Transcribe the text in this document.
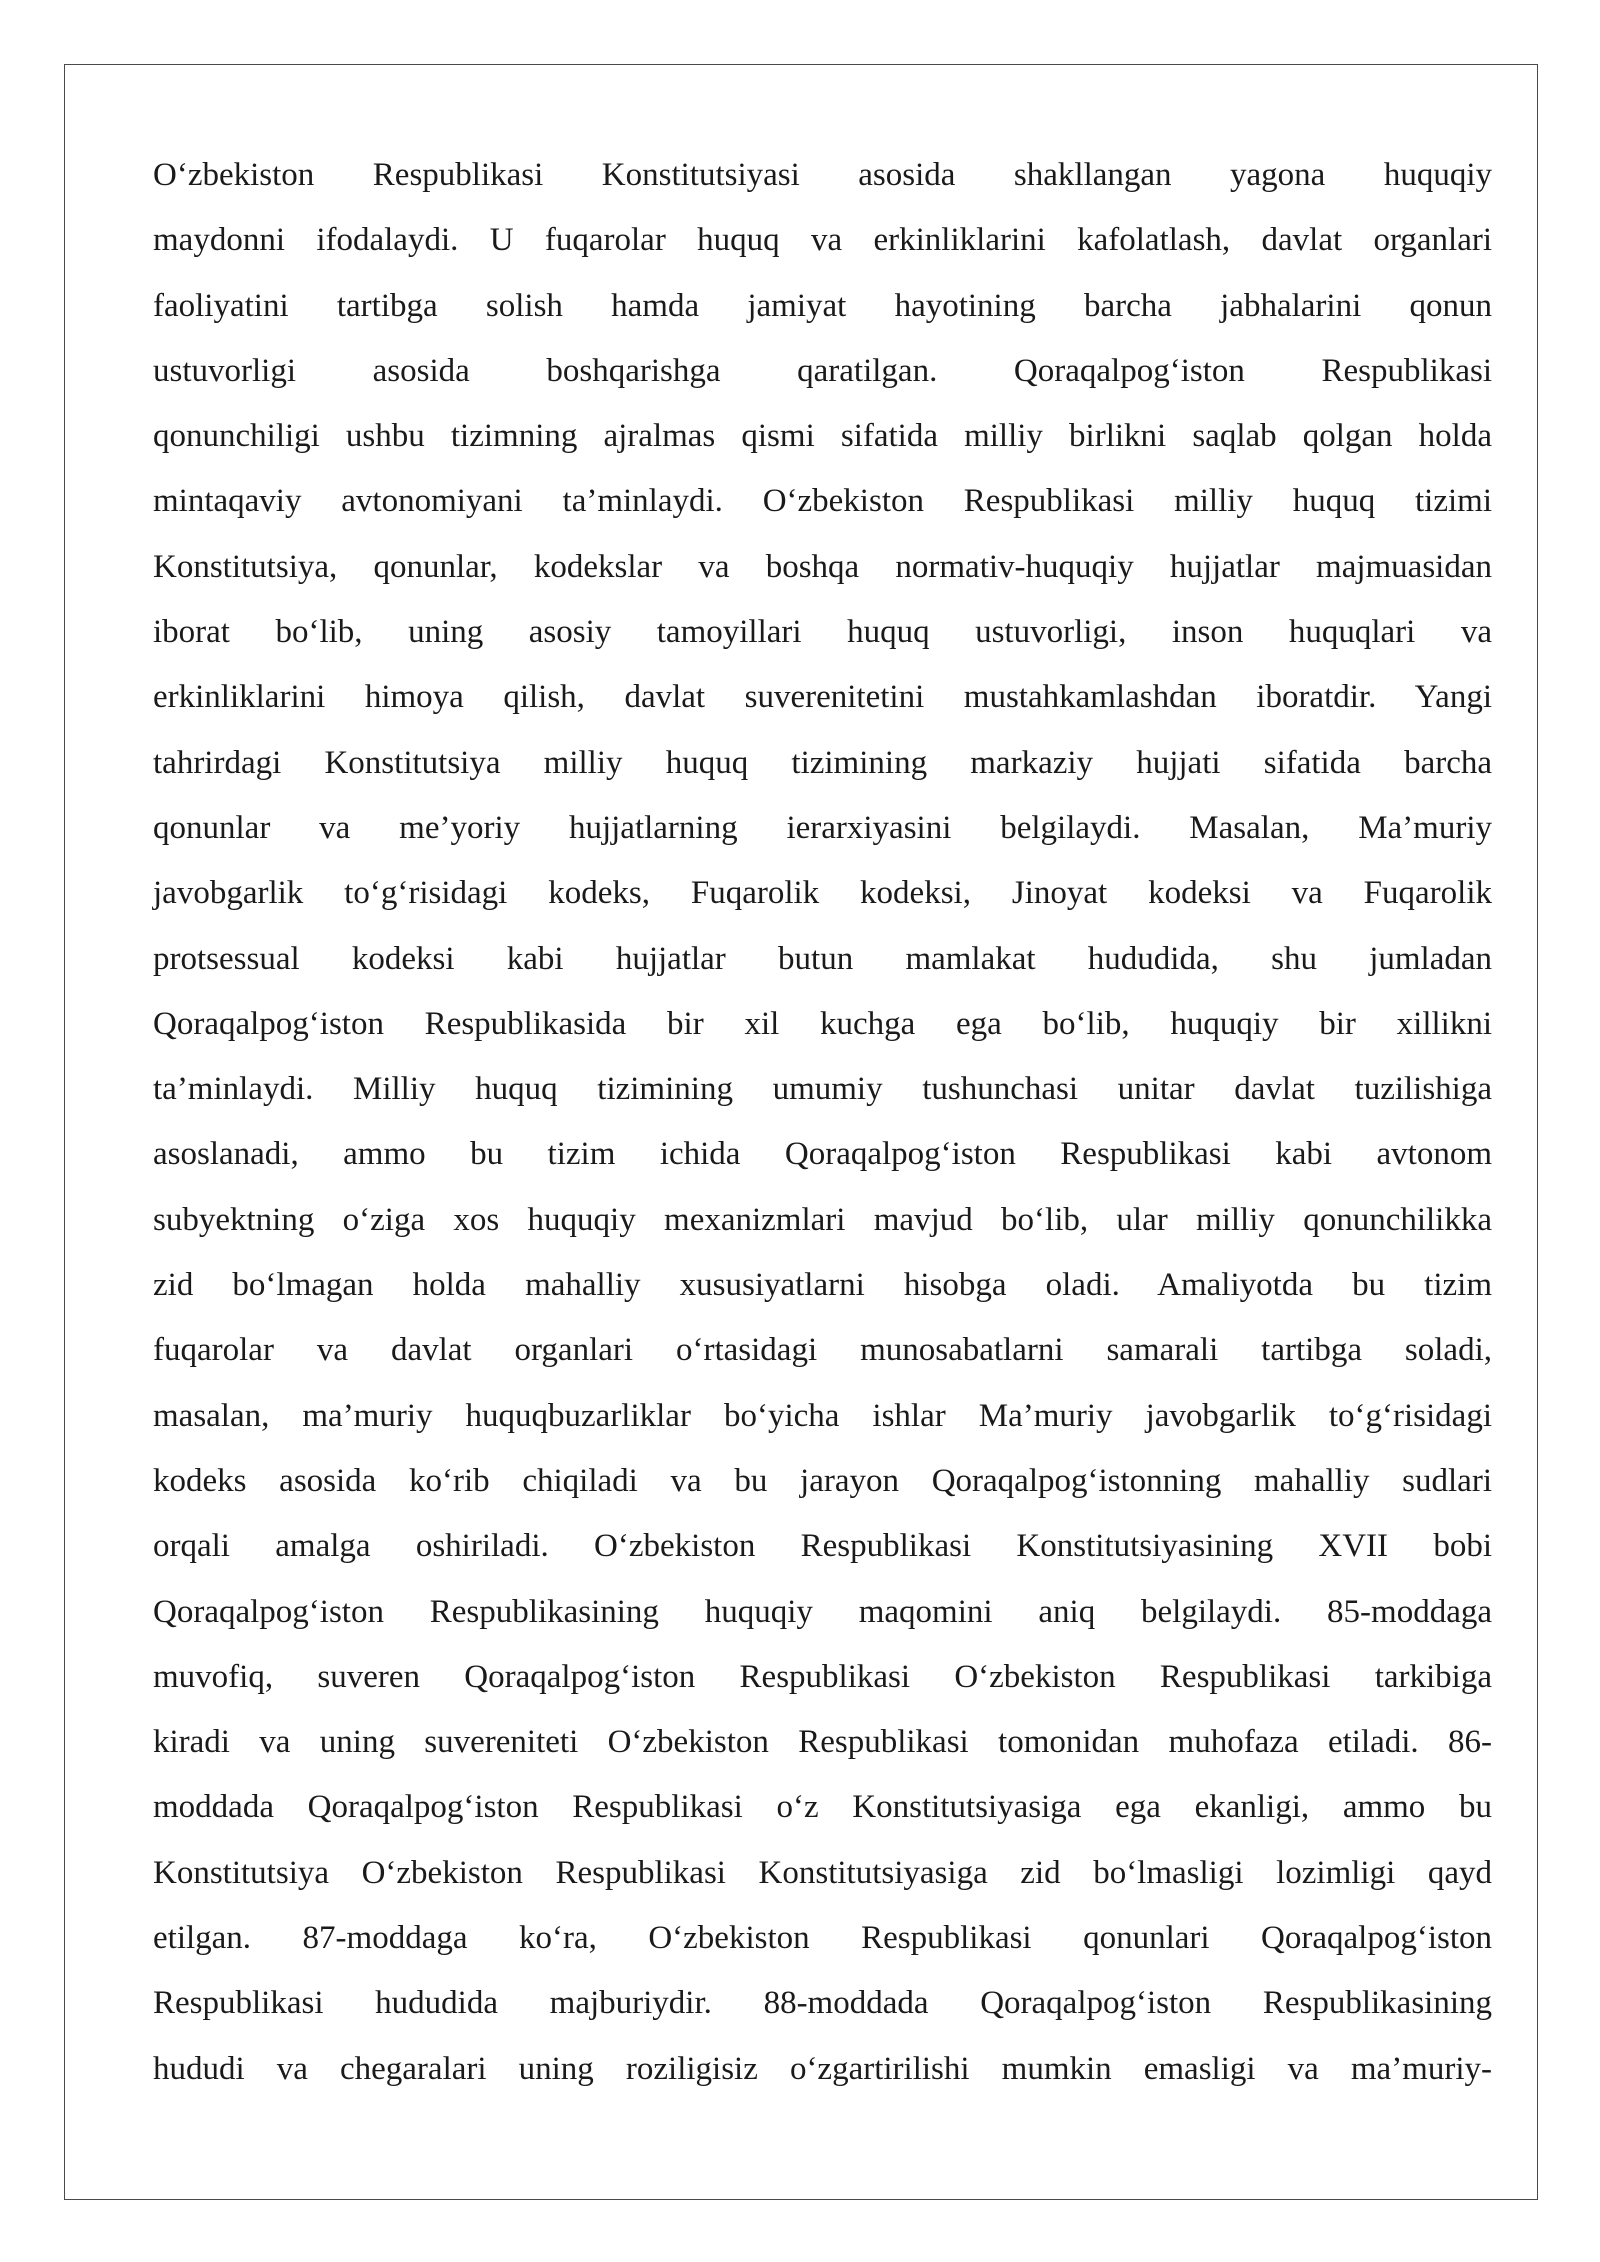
O‘zbekiston Respublikasi Konstitutsiyasi asosida shakllangan yagona huquqiy
maydonni ifodalaydi. U fuqarolar huquq va erkinliklarini kafolatlash, davlat organlari
faoliyatini tartibga solish hamda jamiyat hayotining barcha jabhalarini qonun
ustuvorligi asosida boshqarishga qaratilgan. Qoraqalpog‘iston Respublikasi
qonunchiligi ushbu tizimning ajralmas qismi sifatida milliy birlikni saqlab qolgan holda
mintaqaviy avtonomiyani ta’minlaydi. O‘zbekiston Respublikasi milliy huquq tizimi
Konstitutsiya, qonunlar, kodekslar va boshqa normativ-huquqiy hujjatlar majmuasidan
iborat bo‘lib, uning asosiy tamoyillari huquq ustuvorligi, inson huquqlari va
erkinliklarini himoya qilish, davlat suverenitetini mustahkamlashdan iboratdir. Yangi
tahrirdagi Konstitutsiya milliy huquq tizimining markaziy hujjati sifatida barcha
qonunlar va me’yoriy hujjatlarning ierarxiyasini belgilaydi. Masalan, Ma’muriy
javobgarlik to‘g‘risidagi kodeks, Fuqarolik kodeksi, Jinoyat kodeksi va Fuqarolik
protsessual kodeksi kabi hujjatlar butun mamlakat hududida, shu jumladan
Qoraqalpog‘iston Respublikasida bir xil kuchga ega bo‘lib, huquqiy bir xillikni
ta’minlaydi. Milliy huquq tizimining umumiy tushunchasi unitar davlat tuzilishiga
asoslanadi, ammo bu tizim ichida Qoraqalpog‘iston Respublikasi kabi avtonom
subyektning o‘ziga xos huquqiy mexanizmlari mavjud bo‘lib, ular milliy qonunchilikka
zid bo‘lmagan holda mahalliy xususiyatlarni hisobga oladi. Amaliyotda bu tizim
fuqarolar va davlat organlari o‘rtasidagi munosabatlarni samarali tartibga soladi,
masalan, ma’muriy huquqbuzarliklar bo‘yicha ishlar Ma’muriy javobgarlik to‘g‘risidagi
kodeks asosida ko‘rib chiqiladi va bu jarayon Qoraqalpog‘istonning mahalliy sudlari
orqali amalga oshiriladi. O‘zbekiston Respublikasi Konstitutsiyasining XVII bobi
Qoraqalpog‘iston Respublikasining huquqiy maqomini aniq belgilaydi. 85-moddaga
muvofiq, suveren Qoraqalpog‘iston Respublikasi O‘zbekiston Respublikasi tarkibiga
kiradi va uning suvereniteti O‘zbekiston Respublikasi tomonidan muhofaza etiladi. 86-
moddada Qoraqalpog‘iston Respublikasi o‘z Konstitutsiyasiga ega ekanligi, ammo bu
Konstitutsiya O‘zbekiston Respublikasi Konstitutsiyasiga zid bo‘lmasligi lozimligi qayd
etilgan. 87-moddaga ko‘ra, O‘zbekiston Respublikasi qonunlari Qoraqalpog‘iston
Respublikasi hududida majburiydir. 88-moddada Qoraqalpog‘iston Respublikasining
hududi va chegaralari uning roziligisiz o‘zgartirilishi mumkin emasligi va ma’muriy-
